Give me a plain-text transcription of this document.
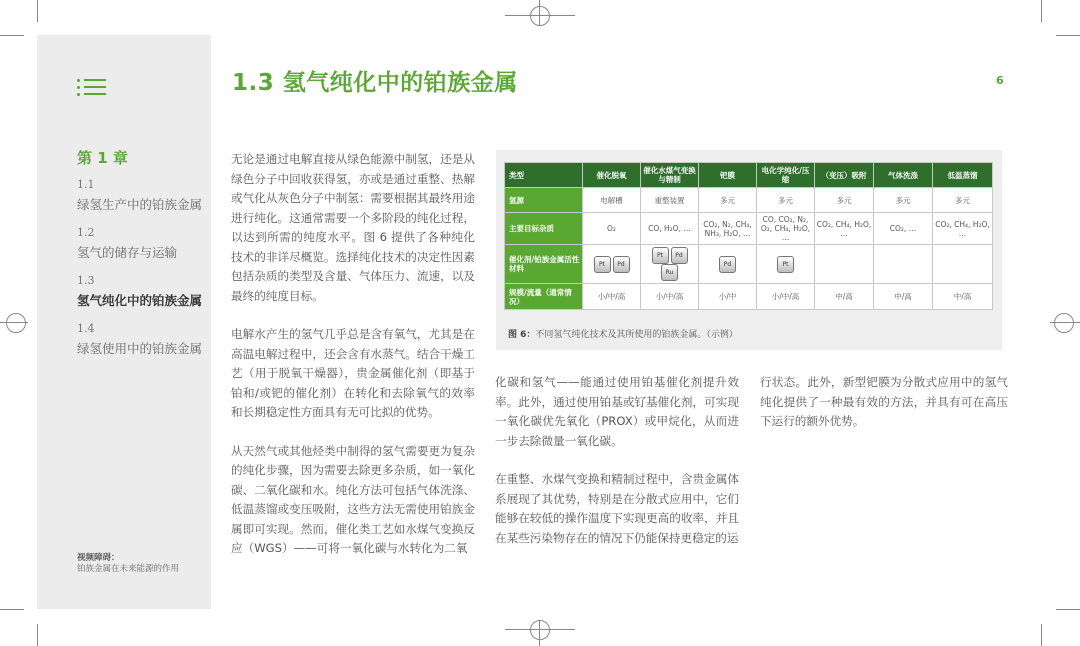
第 1 章
1.1
绿氢生产中的铂族金属
1.2
氢气的储存与运输
1.3
氢气纯化中的铂族金属
1.4
绿氢使用中的铂族金属
视频障碍：
铂族金属在未来能源的作用
1.3 氢气纯化中的铂族金属	6

无论是通过电解直接从绿色能源中制氢，还是从绿色分子中回收获得氢，亦或是通过重整、热解或气化从灰色分子中制氢：需要根据其最终用途进行纯化。这通常需要一个多阶段的纯化过程，以达到所需的纯度水平。图 6 提供了各种纯化技术的非详尽概览。选择纯化技术的决定性因素包括杂质的类型及含量、气体压力、流速，以及最终的纯度目标。

电解水产生的氢气几乎总是含有氧气，尤其是在高温电解过程中，还会含有水蒸气。结合干燥工艺（用于脱氧干燥器），贵金属催化剂（即基于铂和/或钯的催化剂）在转化和去除氧气的效率和长期稳定性方面具有无可比拟的优势。

从天然气或其他烃类中制得的氢气需要更为复杂的纯化步骤，因为需要去除更多杂质，如一氧化碳、二氧化碳和水。纯化方法可包括气体洗涤、低温蒸馏或变压吸附，这些方法无需使用铂族金属即可实现。然而，催化类工艺如水煤气变换反应（WGS）——可将一氧化碳与水转化为二氧

类型	催化脱氧	催化水煤气变换与精制	钯膜	电化学纯化/压缩	（变压）吸附	气体洗涤	低温蒸馏
氢源	电解槽	重整装置	多元	多元	多元	多元	多元
主要目标杂质	O₂	CO, H₂O, …	CO₂, N₂, CH₄, NH₃, H₂O, …	CO, CO₂, N₂, O₂, CH₄, H₂O, …	CO₂, CH₄, H₂O, …	CO₂, …	CO₂, CH₄, H₂O, …
催化剂/铂族金属活性材料	Pt Pd	Pt PdRu	Pd	Pt			
规模/流量（通常情况）	小/中/高	小/中/高	小/中	小/中/高	中/高	中/高	中/高
图 6：不同氢气纯化技术及其所使用的铂族金属。（示例）

化碳和氢气——能通过使用铂基催化剂提升效率。此外，通过使用铂基或钌基催化剂，可实现一氧化碳优先氧化（PROX）或甲烷化，从而进一步去除微量一氧化碳。

在重整、水煤气变换和精制过程中，含贵金属体系展现了其优势，特别是在分散式应用中，它们能够在较低的操作温度下实现更高的收率，并且在某些污染物存在的情况下仍能保持更稳定的运

行状态。此外，新型钯膜为分散式应用中的氢气纯化提供了一种最有效的方法，并具有可在高压下运行的额外优势。
